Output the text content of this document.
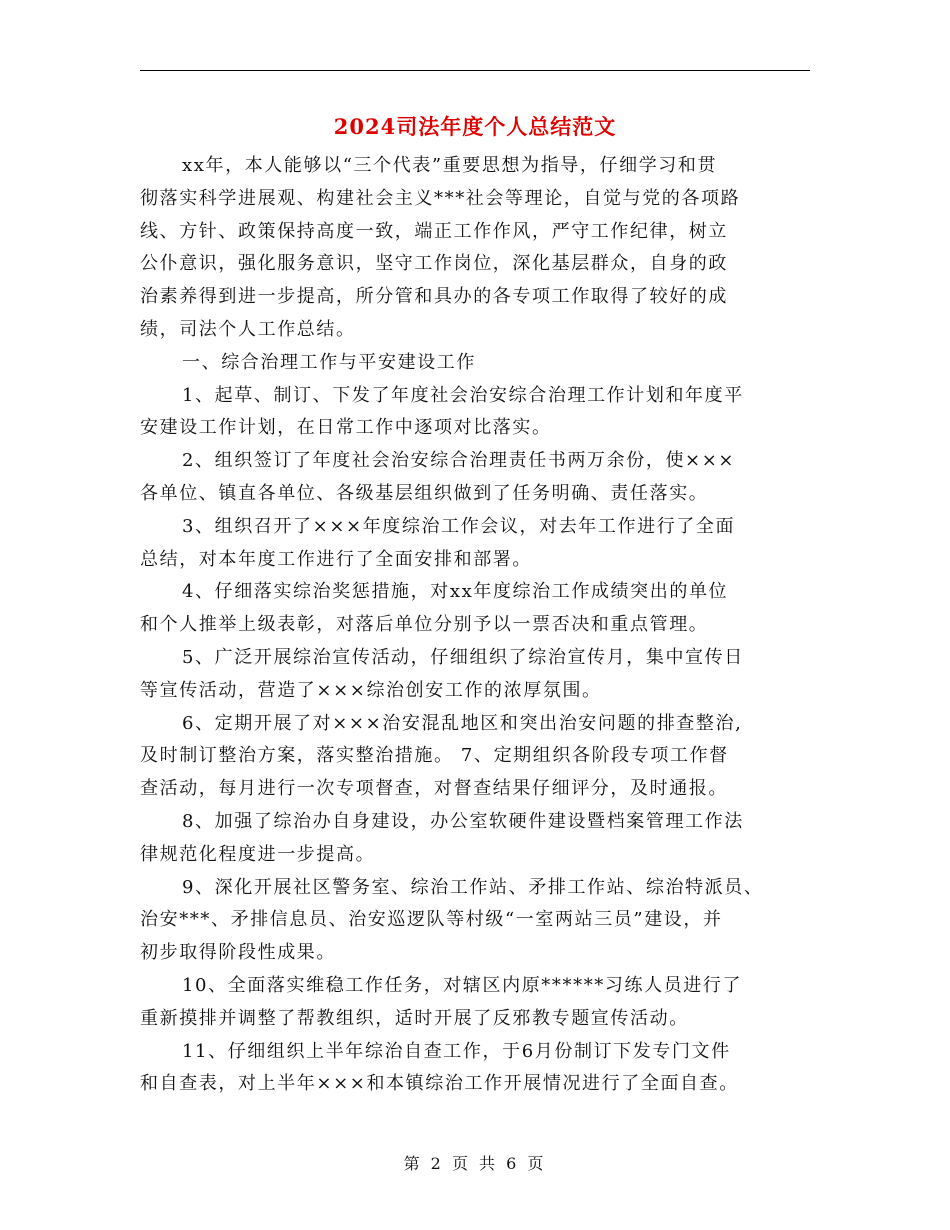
2024司法年度个人总结范文
xx年，本人能够以“三个代表”重要思想为指导，仔细学习和贯
彻落实科学进展观、构建社会主义***社会等理论，自觉与党的各项路
线、方针、政策保持高度一致，端正工作作风，严守工作纪律，树立
公仆意识，强化服务意识，坚守工作岗位，深化基层群众，自身的政
治素养得到进一步提高，所分管和具办的各专项工作取得了较好的成
绩，司法个人工作总结。
一、综合治理工作与平安建设工作
1、起草、制订、下发了年度社会治安综合治理工作计划和年度平
安建设工作计划，在日常工作中逐项对比落实。
2、组织签订了年度社会治安综合治理责任书两万余份，使×××
各单位、镇直各单位、各级基层组织做到了任务明确、责任落实。
3、组织召开了×××年度综治工作会议，对去年工作进行了全面
总结，对本年度工作进行了全面安排和部署。
4、仔细落实综治奖惩措施，对xx年度综治工作成绩突出的单位
和个人推举上级表彰，对落后单位分别予以一票否决和重点管理。
5、广泛开展综治宣传活动，仔细组织了综治宣传月，集中宣传日
等宣传活动，营造了×××综治创安工作的浓厚氛围。
6、定期开展了对×××治安混乱地区和突出治安问题的排查整治,
及时制订整治方案，落实整治措施。 7、定期组织各阶段专项工作督
查活动，每月进行一次专项督查，对督查结果仔细评分，及时通报。
8、加强了综治办自身建设，办公室软硬件建设暨档案管理工作法
律规范化程度进一步提高。
9、深化开展社区警务室、综治工作站、矛排工作站、综治特派员、
治安***、矛排信息员、治安巡逻队等村级“一室两站三员”建设，并
初步取得阶段性成果。
10、全面落实维稳工作任务，对辖区内原******习练人员进行了
重新摸排并调整了帮教组织，适时开展了反邪教专题宣传活动。
11、仔细组织上半年综治自查工作，于6月份制订下发专门文件
和自查表，对上半年×××和本镇综治工作开展情况进行了全面自查。
第 2 页 共 6 页
